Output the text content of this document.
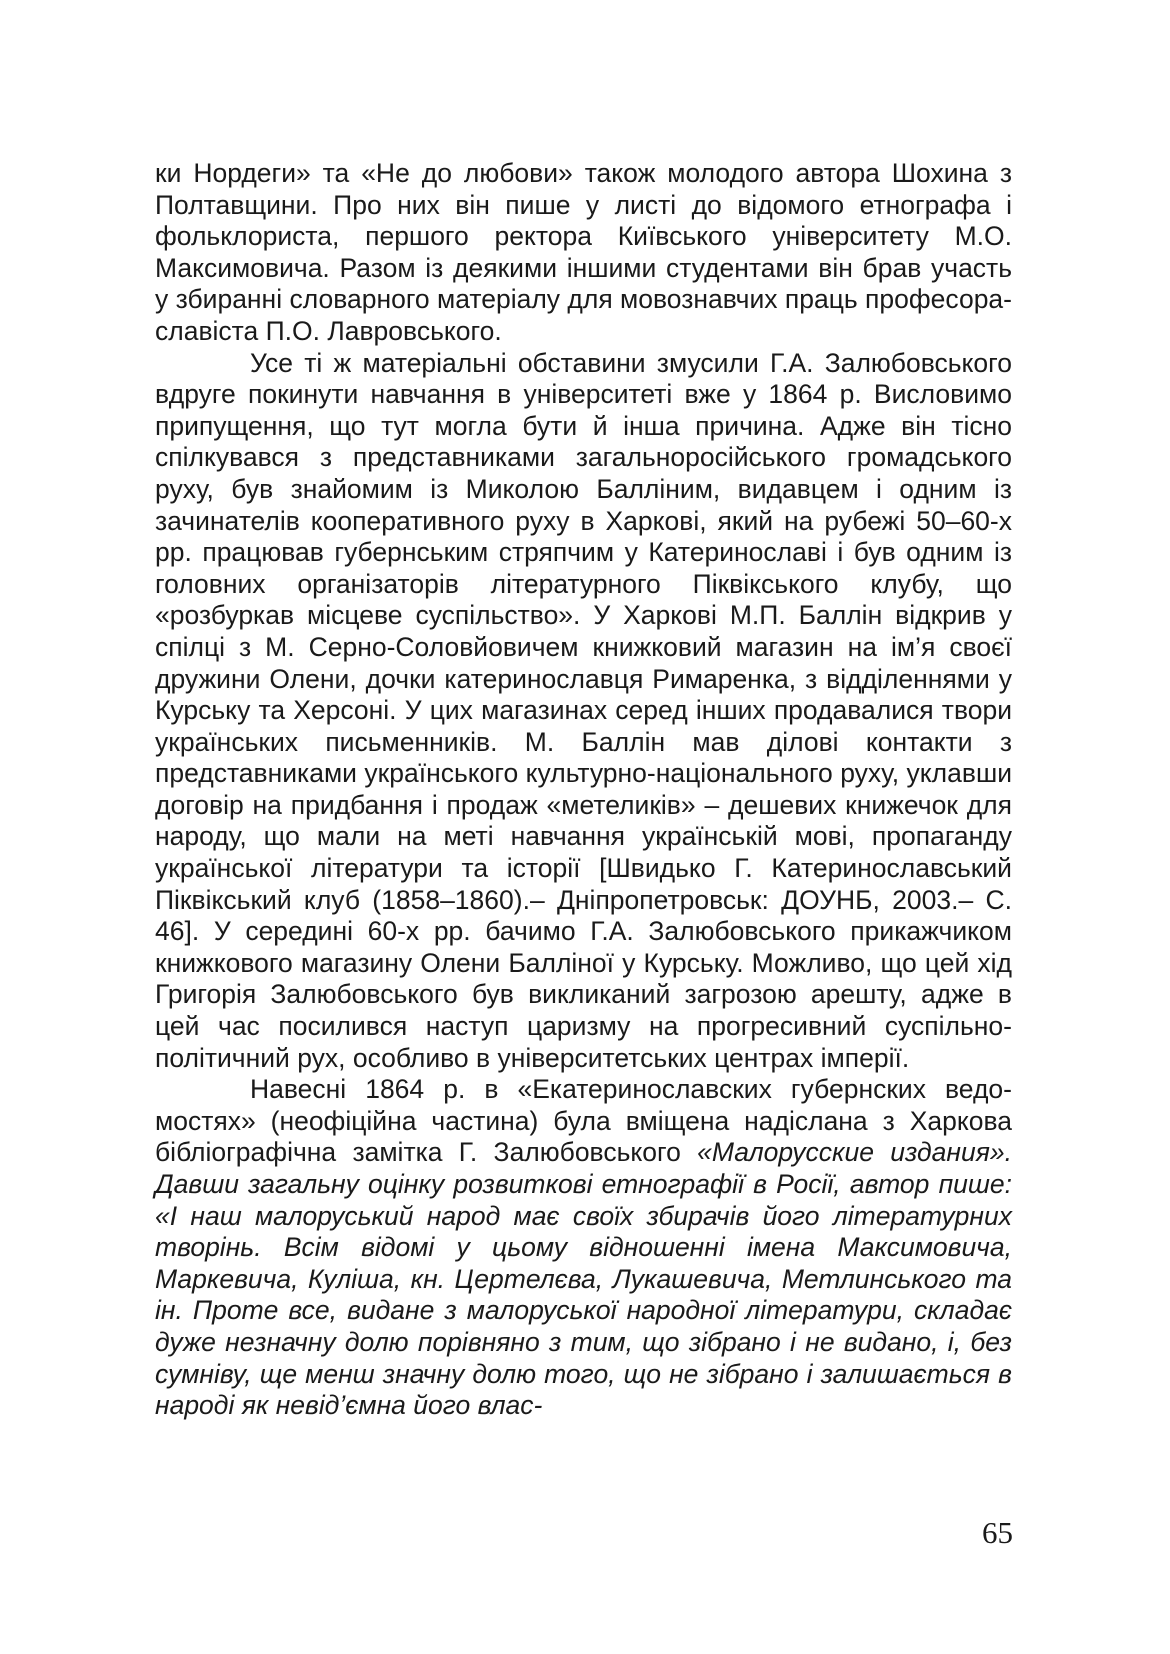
ки Нордеги» та «Не до любови» також молодого автора Шохина з Полтавщини. Про них він пише у листі до відомого етнографа і фольклориста, першого ректора Київського університету М.О. Максимовича. Разом із деякими іншими студентами він брав участь у збиранні словарного матеріалу для мовознавчих праць професора-славіста П.О. Лавровського.

Усе ті ж матеріальні обставини змусили Г.А. Залюбовського вдруге покинути навчання в університеті вже у 1864 р. Висловимо припущення, що тут могла бути й інша причина. Адже він тісно спілкувався з представниками загальноросійського громадського руху, був знайомим із Миколою Балліним, видавцем і одним із зачинателів кооперативного руху в Харкові, який на рубежі 50–60-х рр. працював губернським стряпчим у Катеринославі і був одним із головних організаторів літературного Піквікського клубу, що «розбуркав місцеве суспільство». У Харкові М.П. Баллін відкрив у спілці з М. Серно-Соловйовичем книжковий магазин на ім’я своєї дружини Олени, дочки катеринославця Римаренка, з відділеннями у Курську та Херсоні. У цих магазинах серед інших продавалися твори українських письменників. М. Баллін мав ділові контакти з представниками українського культурно-національного руху, уклавши договір на придбання і продаж «метеликів» – дешевих книжечок для народу, що мали на меті навчання українській мові, пропаганду української літератури та історії [Швидько Г. Катеринославський Піквікський клуб (1858–1860).– Дніпропетровськ: ДОУНБ, 2003.– С. 46]. У середині 60-х рр. бачимо Г.А. Залюбовського прикажчиком книжкового магазину Олени Баллiної у Курську. Можливо, що цей хід Григорія Залюбовського був викликаний загрозою арешту, адже в цей час посилився наступ царизму на прогресивний суспільно-політичний рух, особливо в університетських центрах імперії.

Навесні 1864 р. в «Екатеринославских губернских ведомостях» (неофіційна частина) була вміщена надіслана з Харкова бібліографічна замітка Г. Залюбовського «Малорусские издания». Давши загальну оцінку розвиткові етнографії в Росії, автор пише: «І наш малоруський народ має своїх збирачів його літературних творінь. Всім відомі у цьому відношенні імена Максимовича, Маркевича, Куліша, кн. Цертелєва, Лукашевича, Метлинського та ін. Проте все, видане з малоруської народної літератури, складає дуже незначну долю порівняно з тим, що зібрано і не видано, і, без сумніву, ще менш значну долю того, що не зібрано і залишається в народі як невід’ємна його влас-

65
